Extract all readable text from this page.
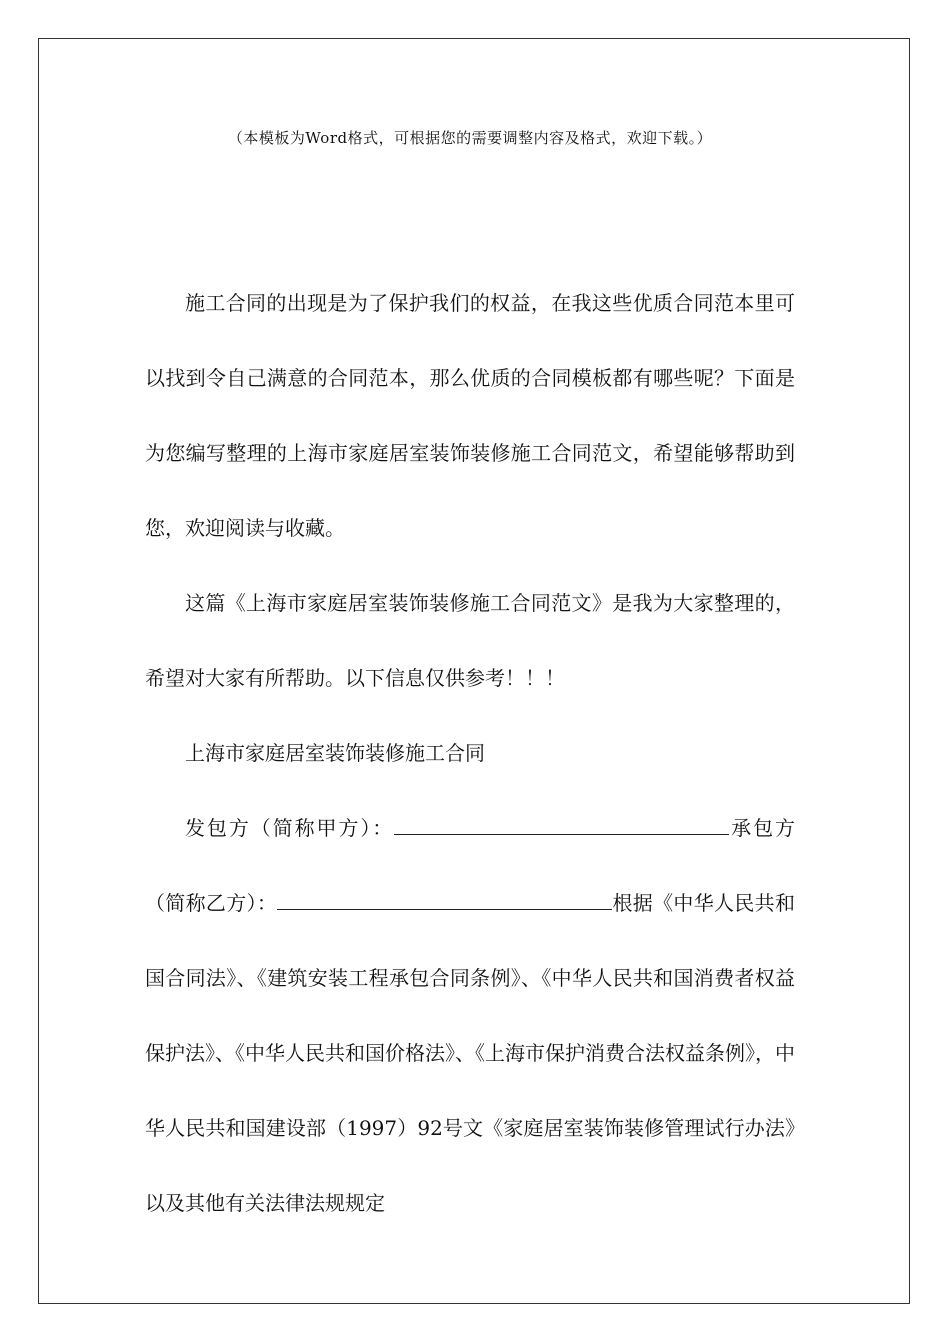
（本模板为Word格式，可根据您的需要调整内容及格式，欢迎下载。）

施工合同的出现是为了保护我们的权益，在我这些优质合同范本里可以找到令自己满意的合同范本，那么优质的合同模板都有哪些呢？下面是为您编写整理的上海市家庭居室装饰装修施工合同范文，希望能够帮助到您，欢迎阅读与收藏。

这篇《上海市家庭居室装饰装修施工合同范文》是我为大家整理的，希望对大家有所帮助。以下信息仅供参考！！！

上海市家庭居室装饰装修施工合同

发包方（简称甲方）：	承包方（简称乙方）：	根据《中华人民共和国合同法》、《建筑安装工程承包合同条例》、《中华人民共和国消费者权益保护法》、《中华人民共和国价格法》、《上海市保护消费合法权益条例》，中华人民共和国建设部（1997）92号文《家庭居室装饰装修管理试行办法》以及其他有关法律法规规定
